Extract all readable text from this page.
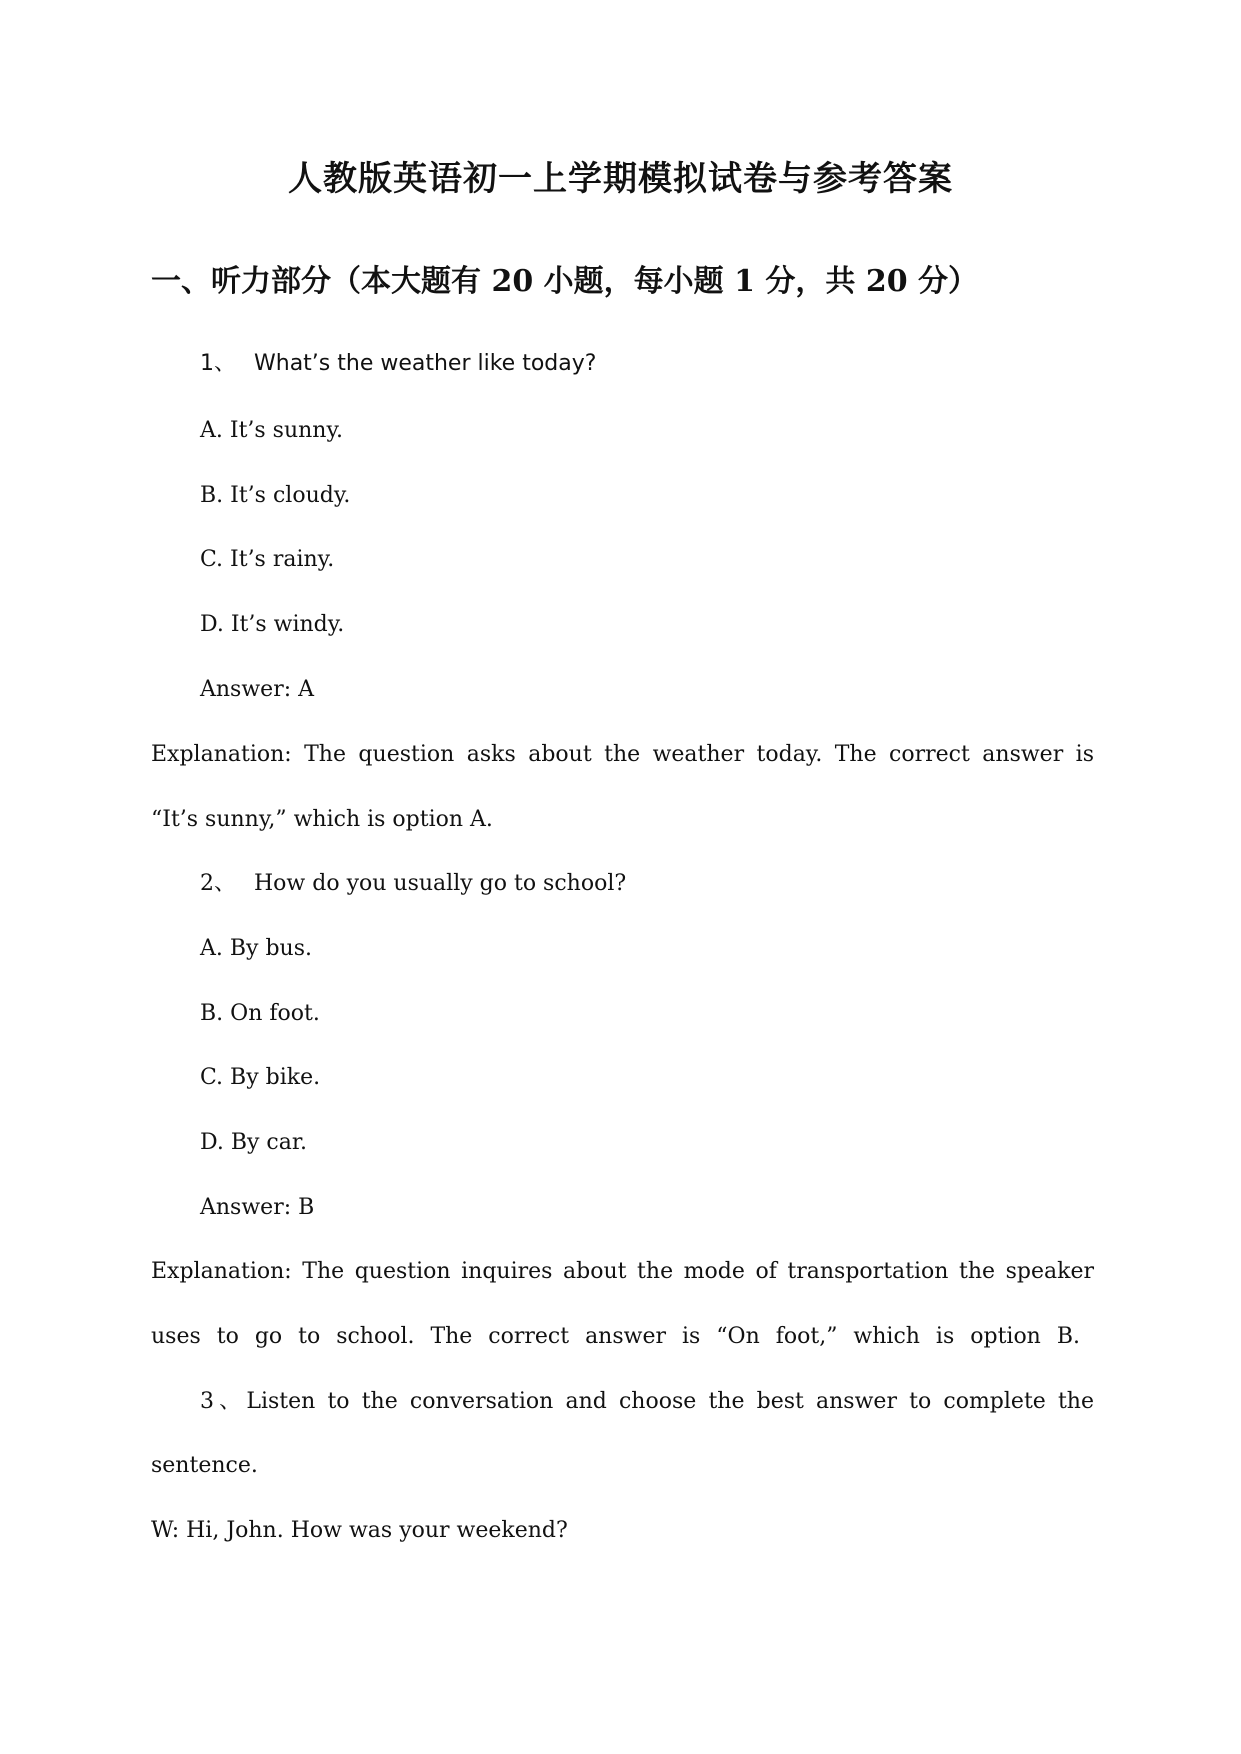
人教版英语初一上学期模拟试卷与参考答案
一、听力部分（本大题有 20 小题，每小题 1 分，共 20 分）
1、 What’s the weather like today?
A. It’s sunny.
B. It’s cloudy.
C. It’s rainy.
D. It’s windy.
Answer: A
Explanation: The question asks about the weather today. The correct answer is
“It’s sunny,” which is option A.
2、 How do you usually go to school?
A. By bus.
B. On foot.
C. By bike.
D. By car.
Answer: B
Explanation: The question inquires about the mode of transportation the speaker
uses to go to school. The correct answer is “On foot,” which is option B.
3、Listen to the conversation and choose the best answer to complete the
sentence.
W: Hi, John. How was your weekend?
